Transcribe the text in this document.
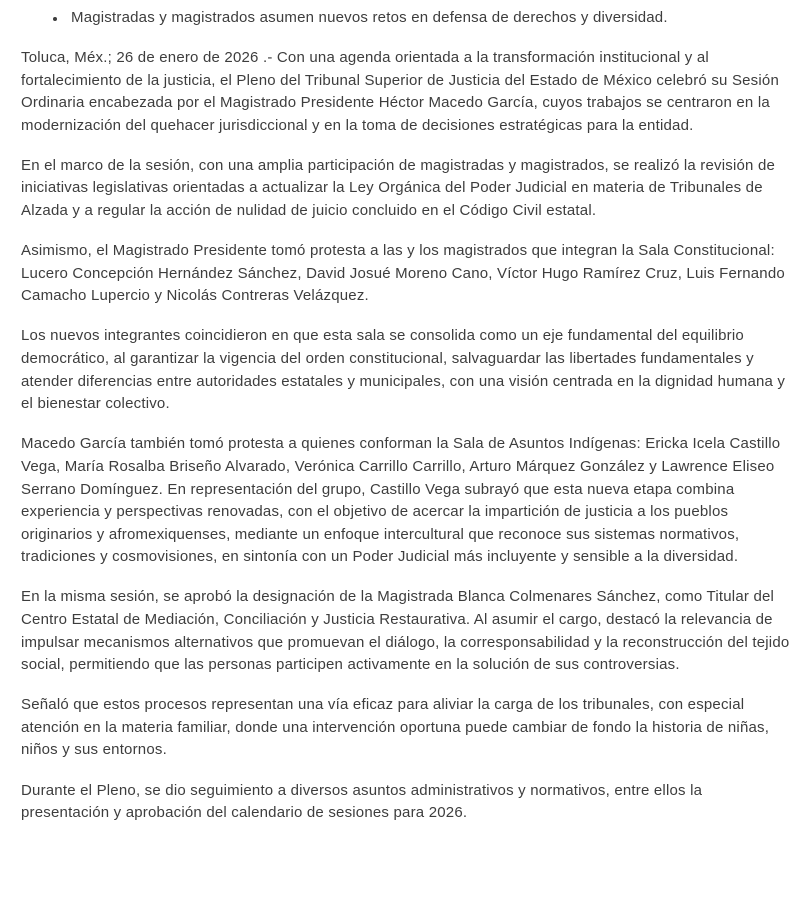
• Magistradas y magistrados asumen nuevos retos en defensa de derechos y diversidad.

Toluca, Méx.; 26 de enero de 2026 .- Con una agenda orientada a la transformación institucional y al fortalecimiento de la justicia, el Pleno del Tribunal Superior de Justicia del Estado de México celebró su Sesión Ordinaria encabezada por el Magistrado Presidente Héctor Macedo García, cuyos trabajos se centraron en la modernización del quehacer jurisdiccional y en la toma de decisiones estratégicas para la entidad.

En el marco de la sesión, con una amplia participación de magistradas y magistrados, se realizó la revisión de iniciativas legislativas orientadas a actualizar la Ley Orgánica del Poder Judicial en materia de Tribunales de Alzada y a regular la acción de nulidad de juicio concluido en el Código Civil estatal.

Asimismo, el Magistrado Presidente tomó protesta a las y los magistrados que integran la Sala Constitucional: Lucero Concepción Hernández Sánchez, David Josué Moreno Cano, Víctor Hugo Ramírez Cruz, Luis Fernando Camacho Lupercio y Nicolás Contreras Velázquez.

Los nuevos integrantes coincidieron en que esta sala se consolida como un eje fundamental del equilibrio democrático, al garantizar la vigencia del orden constitucional, salvaguardar las libertades fundamentales y atender diferencias entre autoridades estatales y municipales, con una visión centrada en la dignidad humana y el bienestar colectivo.

Macedo García también tomó protesta a quienes conforman la Sala de Asuntos Indígenas: Ericka Icela Castillo Vega, María Rosalba Briseño Alvarado, Verónica Carrillo Carrillo, Arturo Márquez González y Lawrence Eliseo Serrano Domínguez. En representación del grupo, Castillo Vega subrayó que esta nueva etapa combina experiencia y perspectivas renovadas, con el objetivo de acercar la impartición de justicia a los pueblos originarios y afromexiquenses, mediante un enfoque intercultural que reconoce sus sistemas normativos, tradiciones y cosmovisiones, en sintonía con un Poder Judicial más incluyente y sensible a la diversidad.

En la misma sesión, se aprobó la designación de la Magistrada Blanca Colmenares Sánchez, como Titular del Centro Estatal de Mediación, Conciliación y Justicia Restaurativa. Al asumir el cargo, destacó la relevancia de impulsar mecanismos alternativos que promuevan el diálogo, la corresponsabilidad y la reconstrucción del tejido social, permitiendo que las personas participen activamente en la solución de sus controversias.

Señaló que estos procesos representan una vía eficaz para aliviar la carga de los tribunales, con especial atención en la materia familiar, donde una intervención oportuna puede cambiar de fondo la historia de niñas, niños y sus entornos.

Durante el Pleno, se dio seguimiento a diversos asuntos administrativos y normativos, entre ellos la presentación y aprobación del calendario de sesiones para 2026.
